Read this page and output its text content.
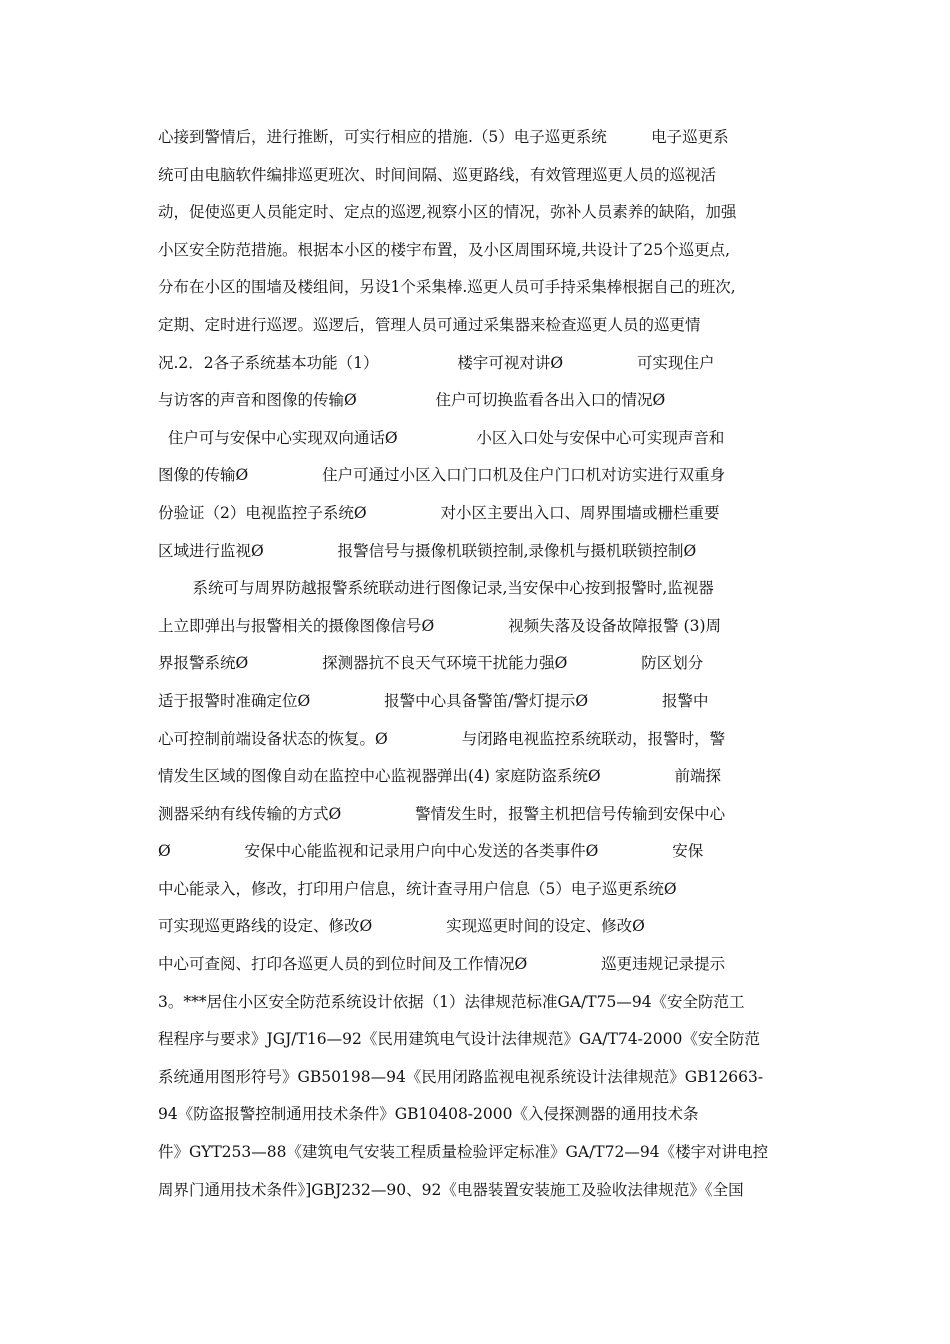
心接到警情后，进行推断，可实行相应的措施.（5）电子巡更系统         电子巡更系
统可由电脑软件编排巡更班次、时间间隔、巡更路线，有效管理巡更人员的巡视活
动，促使巡更人员能定时、定点的巡逻,视察小区的情况，弥补人员素养的缺陷，加强
小区安全防范措施。根据本小区的楼宇布置，及小区周围环境,共设计了25个巡更点,
分布在小区的围墙及楼组间，另设1个采集棒.巡更人员可手持采集棒根据自己的班次,
定期、定时进行巡逻。巡逻后，管理人员可通过采集器来检查巡更人员的巡更情
况.2．2各子系统基本功能（1）                楼宇可视对讲Ø               可实现住户
与访客的声音和图像的传输Ø                住户可切换监看各出入口的情况Ø
住户可与安保中心实现双向通话Ø                小区入口处与安保中心可实现声音和
图像的传输Ø               住户可通过小区入口门口机及住户门口机对访实进行双重身
份验证（2）电视监控子系统Ø               对小区主要出入口、周界围墙或栅栏重要
区域进行监视Ø               报警信号与摄像机联锁控制,录像机与摄机联锁控制Ø
系统可与周界防越报警系统联动进行图像记录,当安保中心按到报警时,监视器
上立即弹出与报警相关的摄像图像信号Ø               视频失落及设备故障报警 (3)周
界报警系统Ø               探测器抗不良天气环境干扰能力强Ø               防区划分
适于报警时准确定位Ø               报警中心具备警笛/警灯提示Ø               报警中
心可控制前端设备状态的恢复。Ø               与闭路电视监控系统联动，报警时，警
情发生区域的图像自动在监控中心监视器弹出(4) 家庭防盗系统Ø               前端探
测器采纳有线传输的方式Ø               警情发生时，报警主机把信号传输到安保中心
Ø               安保中心能监视和记录用户向中心发送的各类事件Ø               安保
中心能录入，修改，打印用户信息，统计查寻用户信息（5）电子巡更系统Ø
可实现巡更路线的设定、修改Ø               实现巡更时间的设定、修改Ø
中心可查阅、打印各巡更人员的到位时间及工作情况Ø               巡更违规记录提示
3。***居住小区安全防范系统设计依据（1）法律规范标准GA/T75—94《安全防范工
程程序与要求》JGJ/T16—92《民用建筑电气设计法律规范》GA/T74-2000《安全防范
系统通用图形符号》GB50198—94《民用闭路监视电视系统设计法律规范》GB12663-
94《防盗报警控制通用技术条件》GB10408-2000《入侵探测器的通用技术条
件》GYT253—88《建筑电气安装工程质量检验评定标准》GA/T72—94《楼宇对讲电控
周界门通用技术条件》]GBJ232—90、92《电器装置安装施工及验收法律规范》《全国
